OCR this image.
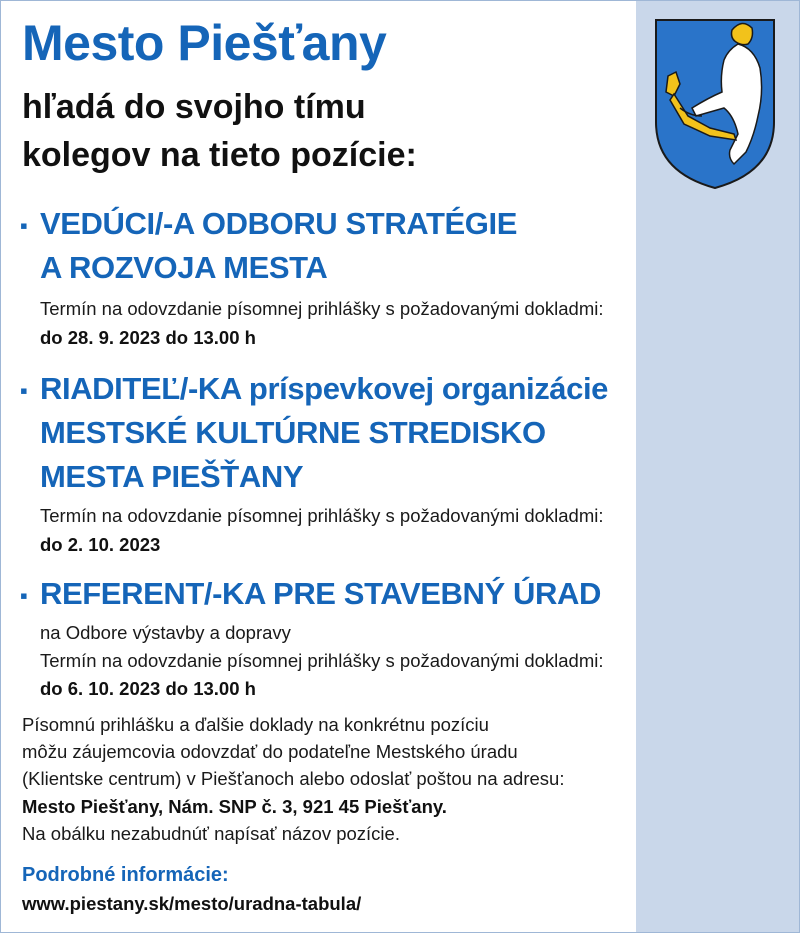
Mesto Piešťany
hľadá do svojho tímu
kolegov na tieto pozície:
▪ VEDÚCI/-A ODBORU STRATÉGIE
A ROZVOJA MESTA
Termín na odovzdanie písomnej prihlášky s požadovanými dokladmi:
do 28. 9. 2023 do 13.00 h
▪ RIADITEĽ/-KA príspevkovej organizácie
MESTSKÉ KULTÚRNE STREDISKO
MESTA PIEŠŤANY
Termín na odovzdanie písomnej prihlášky s požadovanými dokladmi:
do 2. 10. 2023
▪ REFERENT/-KA PRE STAVEBNÝ ÚRAD
na Odbore výstavby a dopravy
Termín na odovzdanie písomnej prihlášky s požadovanými dokladmi:
do 6. 10. 2023 do 13.00 h
Písomnú prihlášku a ďalšie doklady na konkrétnu pozíciu
môžu záujemcovia odovzdať do podateľne Mestského úradu
(Klientske centrum) v Piešťanoch alebo odoslať poštou na adresu:
Mesto Piešťany, Nám. SNP č. 3, 921 45 Piešťany.
Na obálku nezabudnúť napísať názov pozície.
Podrobné informácie:
www.piestany.sk/mesto/uradna-tabula/
